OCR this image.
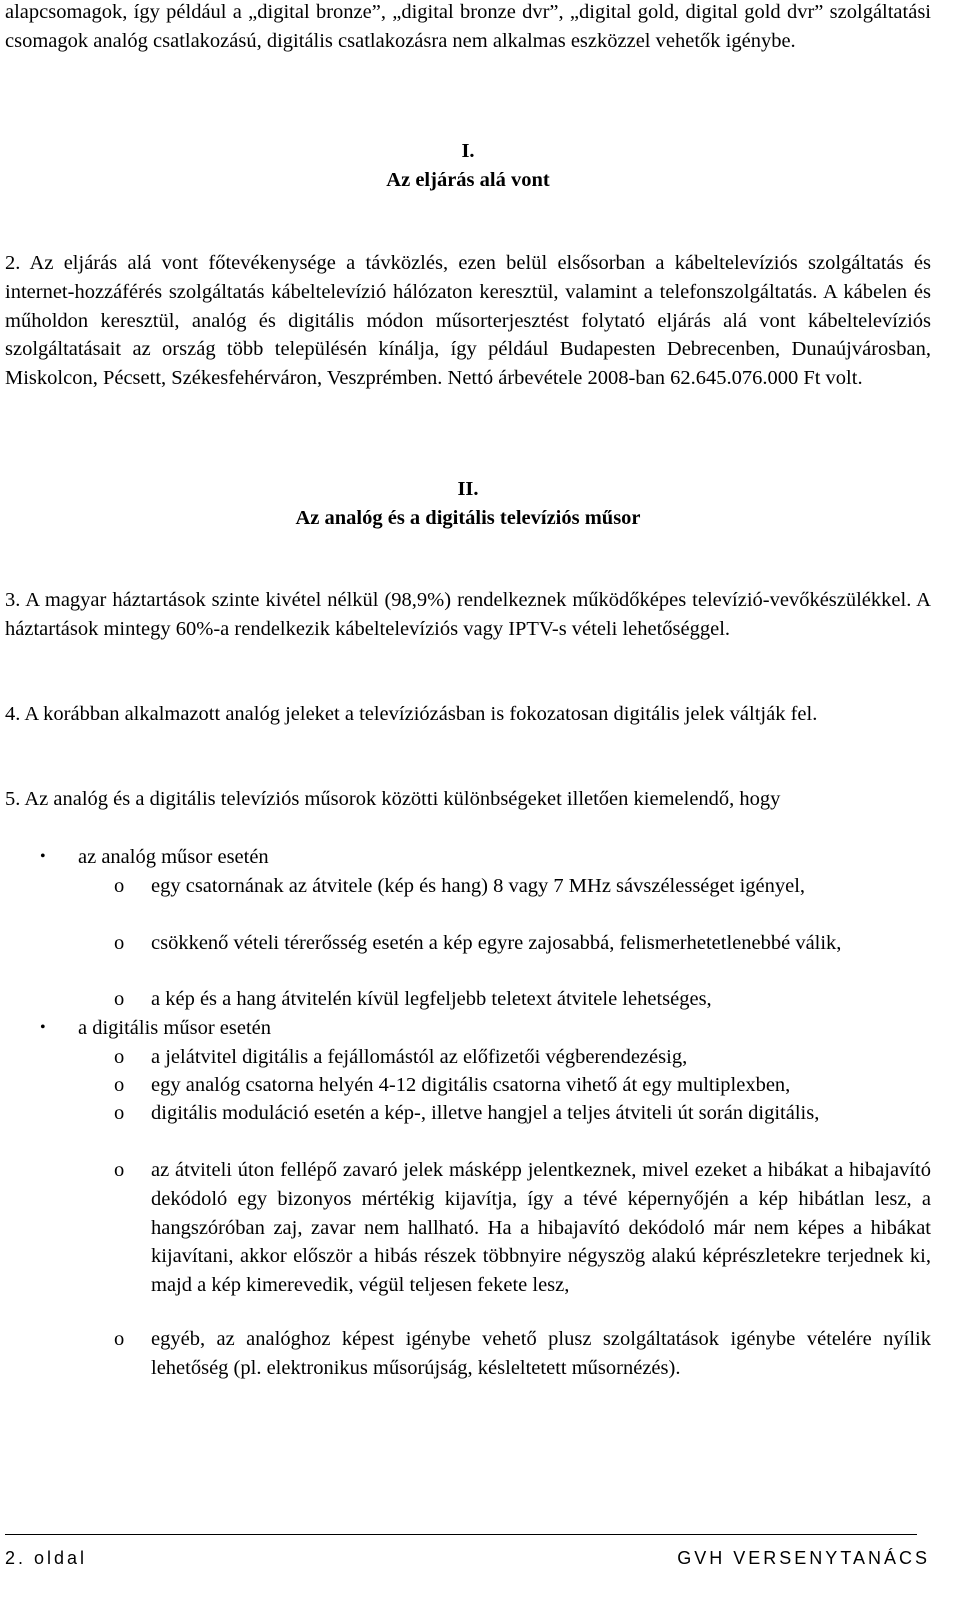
alapcsomagok, így például a „digital bronze”, „digital bronze dvr”, „digital gold, digital gold dvr” szolgáltatási csomagok analóg csatlakozású, digitális csatlakozásra nem alkalmas eszközzel vehetők igénybe.

I.
Az eljárás alá vont

2. Az eljárás alá vont főtevékenysége a távközlés, ezen belül elsősorban a kábeltelevíziós szolgáltatás és internet-hozzáférés szolgáltatás kábeltelevízió hálózaton keresztül, valamint a telefonszolgáltatás. A kábelen és műholdon keresztül, analóg és digitális módon műsorterjesztést folytató eljárás alá vont kábeltelevíziós szolgáltatásait az ország több településén kínálja, így például Budapesten Debrecenben, Dunaújvárosban, Miskolcon, Pécsett, Székesfehérváron, Veszprémben. Nettó árbevétele 2008-ban 62.645.076.000 Ft volt.

II.
Az analóg és a digitális televíziós műsor

3. A magyar háztartások szinte kivétel nélkül (98,9%) rendelkeznek működőképes televízió-vevőkészülékkel. A háztartások mintegy 60%-a rendelkezik kábeltelevíziós vagy IPTV-s vételi lehetőséggel.

4. A korábban alkalmazott analóg jeleket a televíziózásban is fokozatosan digitális jelek váltják fel.

5. Az analóg és a digitális televíziós műsorok közötti különbségeket illetően kiemelendő, hogy

•	az analóg műsor esetén

o	egy csatornának az átvitele (kép és hang) 8 vagy 7 MHz sávszélességet igényel,

o	csökkenő vételi térerősség esetén a kép egyre zajosabbá, felismerhetetlenebbé válik,

o	a kép és a hang átvitelén kívül legfeljebb teletext átvitele lehetséges,

•	a digitális műsor esetén

o	a jelátvitel digitális a fejállomástól az előfizetői végberendezésig,

o	egy analóg csatorna helyén 4-12 digitális csatorna vihető át egy multiplexben,

o	digitális moduláció esetén a kép-, illetve hangjel a teljes átviteli út során digitális,

o	az átviteli úton fellépő zavaró jelek másképp jelentkeznek, mivel ezeket a hibákat a hibajavító dekódoló egy bizonyos mértékig kijavítja, így a tévé képernyőjén a kép hibátlan lesz, a hangszóróban zaj, zavar nem hallható. Ha a hibajavító dekódoló már nem képes a hibákat kijavítani, akkor először a hibás részek többnyire négyszög alakú képrészletekre terjednek ki, majd a kép kimerevedik, végül teljesen fekete lesz,

o	egyéb, az analóghoz képest igénybe vehető plusz szolgáltatások igénybe vételére nyílik lehetőség (pl. elektronikus műsorújság, késleltetett műsornézés).

2. oldal	GVH VERSENYTANÁCS
